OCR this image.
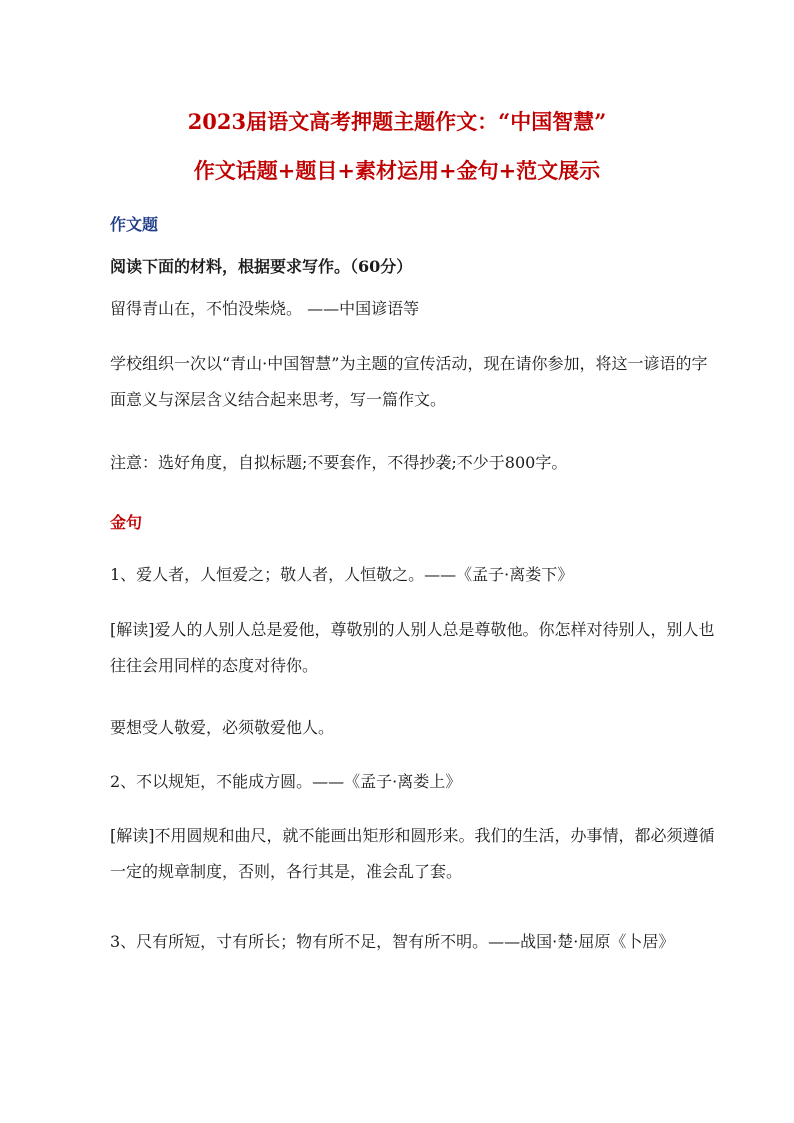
2023届语文高考押题主题作文：“中国智慧”
作文话题+题目+素材运用+金句+范文展示
作文题
阅读下面的材料，根据要求写作。（60分）
留得青山在，不怕没柴烧。 ——中国谚语等
学校组织一次以“青山·中国智慧”为主题的宣传活动，现在请你参加，将这一谚语的字面意义与深层含义结合起来思考，写一篇作文。
注意：选好角度，自拟标题;不要套作，不得抄袭;不少于800字。
金句
1、爱人者，人恒爱之；敬人者，人恒敬之。——《孟子·离娄下》
[解读]爱人的人别人总是爱他，尊敬别的人别人总是尊敬他。你怎样对待别人，别人也往往会用同样的态度对待你。
要想受人敬爱，必须敬爱他人。
2、不以规矩，不能成方圆。——《孟子·离娄上》
[解读]不用圆规和曲尺，就不能画出矩形和圆形来。我们的生活，办事情，都必须遵循一定的规章制度，否则，各行其是，准会乱了套。
3、尺有所短，寸有所长；物有所不足，智有所不明。——战国·楚·屈原《卜居》
